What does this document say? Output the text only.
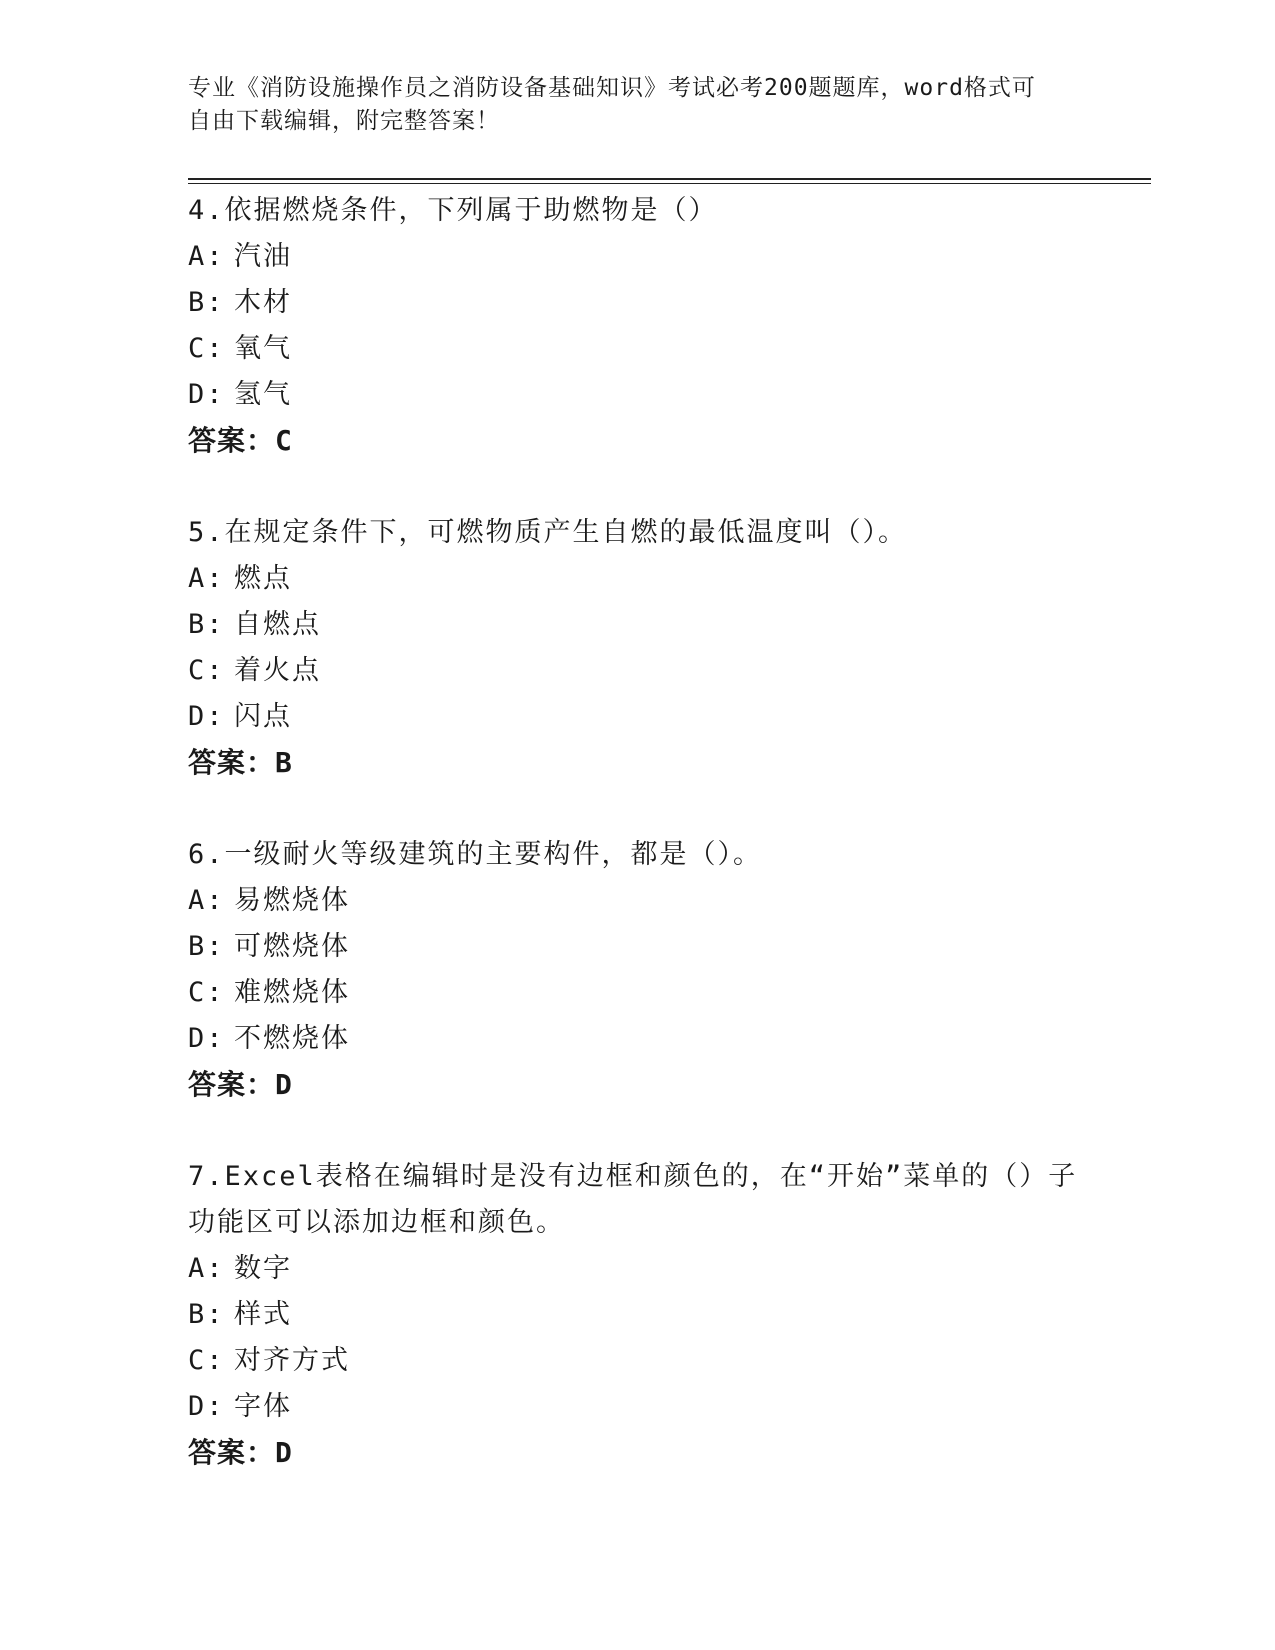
专业《消防设施操作员之消防设备基础知识》考试必考200题题库，word格式可
自由下载编辑，附完整答案！
4.依据燃烧条件，下列属于助燃物是（）
A: 汽油
B: 木材
C: 氧气
D: 氢气
答案：C
5.在规定条件下，可燃物质产生自燃的最低温度叫（）。
A: 燃点
B: 自燃点
C: 着火点
D: 闪点
答案：B
6.一级耐火等级建筑的主要构件，都是（）。
A: 易燃烧体
B: 可燃烧体
C: 难燃烧体
D: 不燃烧体
答案：D
7.Excel表格在编辑时是没有边框和颜色的，在“开始”菜单的（）子
功能区可以添加边框和颜色。
A: 数字
B: 样式
C: 对齐方式
D: 字体
答案：D
